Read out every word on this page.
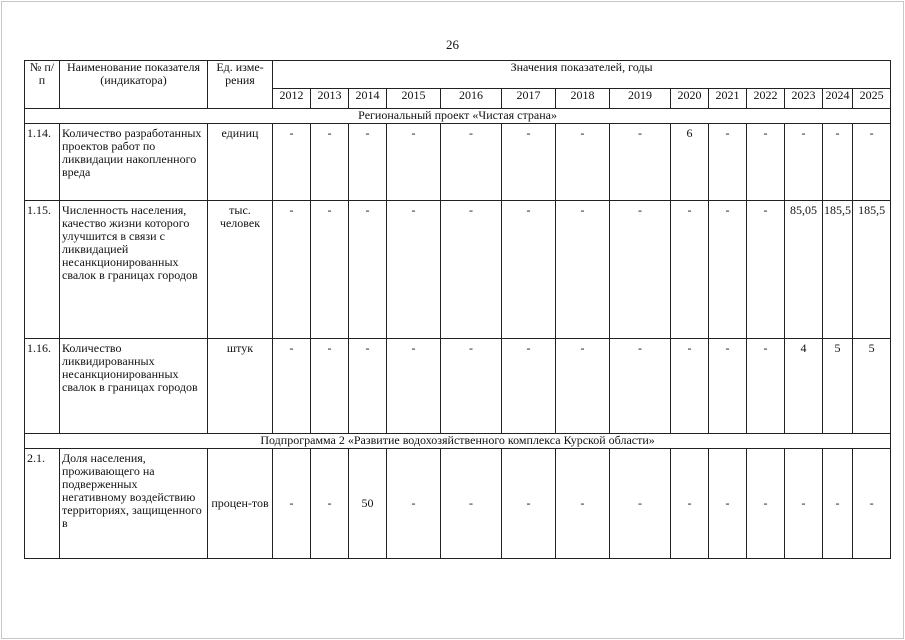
26
№ п/п	Наименование показателя (индикатора)	Ед. изме-рения	Значения показателей, годы													
			2012	2013	2014	2015	2016	2017	2018	2019	2020	2021	2022	2023	2024	2025
Региональный проект «Чистая страна»																
1.14.	Количество разработанных проектов работ по ликвидации накопленного вреда	единиц	-	-	-	-	-	-	-	-	6	-	-	-	-	-
1.15.	Численность населения, качество жизни которого улучшится в связи с ликвидацией несанкционированных свалок в границах городов	тыс. человек	-	-	-	-	-	-	-	-	-	-	-	85,05	185,5	185,5
1.16.	Количество ликвидированных несанкционированных свалок в границах городов	штук	-	-	-	-	-	-	-	-	-	-	-	4	5	5
Подпрограмма 2 «Развитие водохозяйственного комплекса Курской области»																
2.1.	Доля населения, проживающего на подверженных негативному воздействию территориях, защищенного в	процен-тов	-	-	50	-	-	-	-	-	-	-	-	-	-	-
